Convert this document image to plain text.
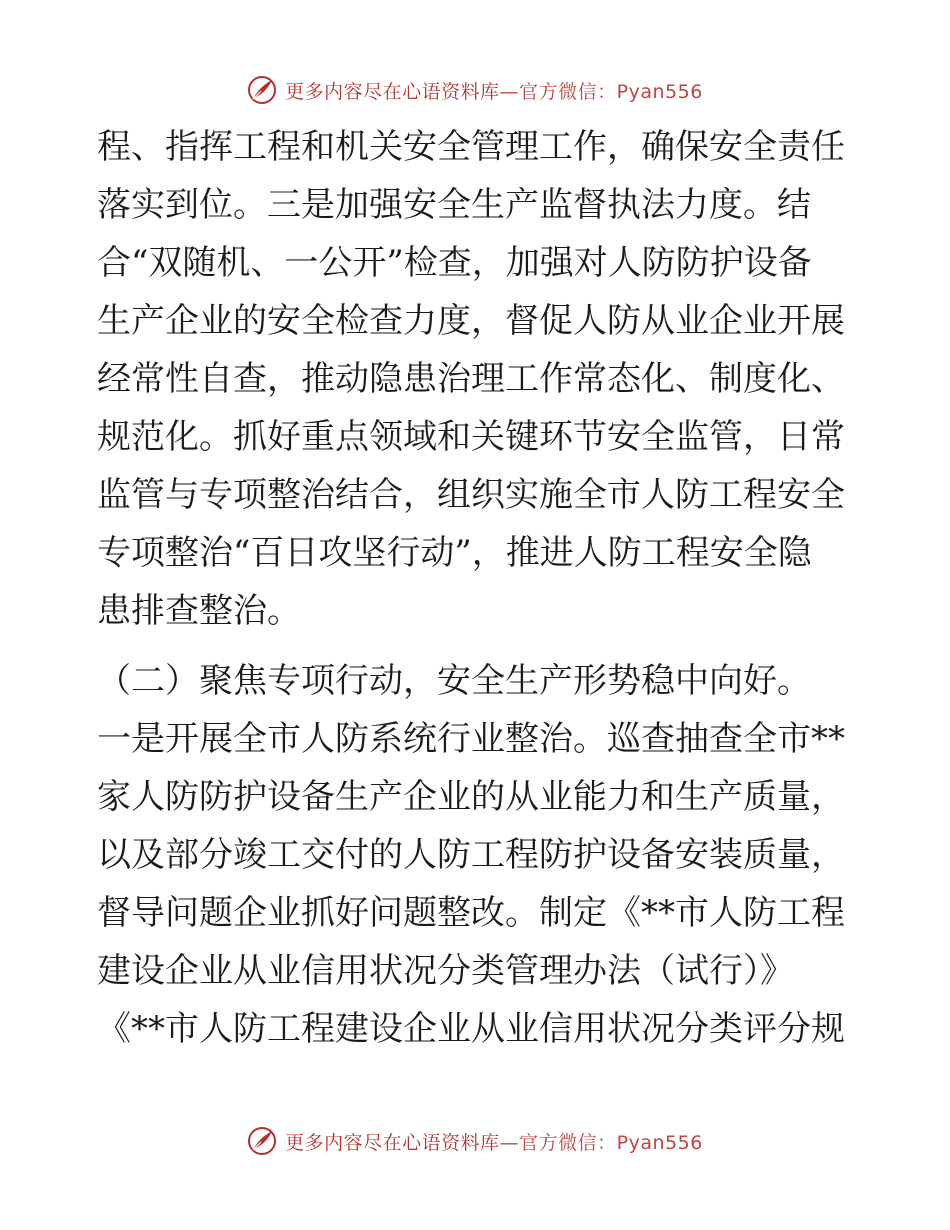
更多内容尽在心语资料库 —官方微信：Pyan556
程、指挥工程和机关安全管理工作，确保安全责任
落实到位。三是加强安全生产监督执法力度。结
合“双随机、一公开”检查，加强对人防防护设备
生产企业的安全检查力度，督促人防从业企业开展
经常性自查，推动隐患治理工作常态化、制度化、
规范化。抓好重点领域和关键环节安全监管，日常
监管与专项整治结合，组织实施全市人防工程安全
专项整治“百日攻坚行动”，推进人防工程安全隐
患排查整治。
（二）聚焦专项行动，安全生产形势稳中向好。
一是开展全市人防系统行业整治。巡查抽查全市**
家人防防护设备生产企业的从业能力和生产质量，
以及部分竣工交付的人防工程防护设备安装质量，
督导问题企业抓好问题整改。制定《**市人防工程
建设企业从业信用状况分类管理办法（试行）》
《**市人防工程建设企业从业信用状况分类评分规
更多内容尽在心语资料库 —官方微信：Pyan556
